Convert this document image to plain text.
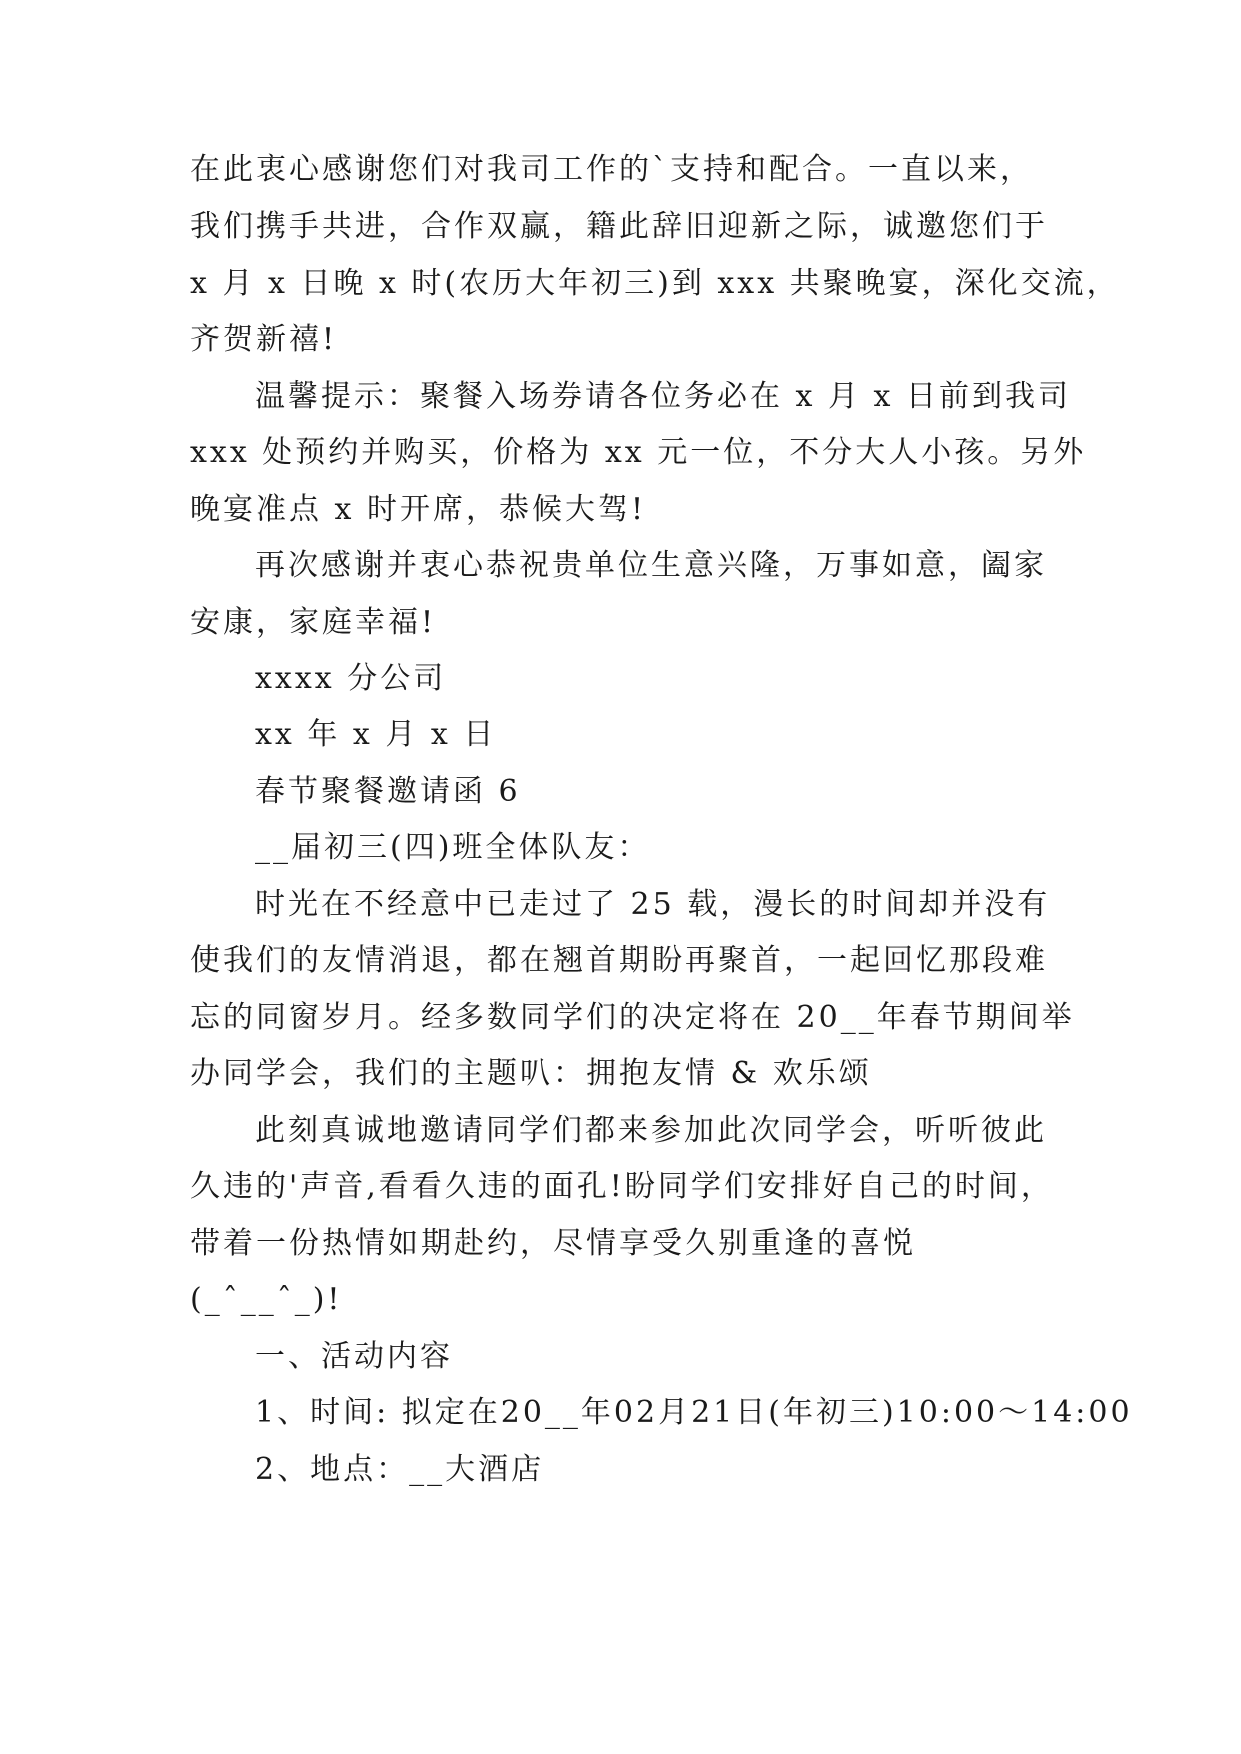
在此衷心感谢您们对我司工作的`支持和配合。一直以来，
我们携手共进，合作双赢，籍此辞旧迎新之际，诚邀您们于
x 月 x 日晚 x 时(农历大年初三)到 xxx 共聚晚宴，深化交流，
齐贺新禧!
温馨提示：聚餐入场券请各位务必在 x 月 x 日前到我司
xxx 处预约并购买，价格为 xx 元一位，不分大人小孩。另外
晚宴准点 x 时开席，恭候大驾!
再次感谢并衷心恭祝贵单位生意兴隆，万事如意，阖家
安康，家庭幸福!
xxxx 分公司
xx 年 x 月 x 日
春节聚餐邀请函 6
__届初三(四)班全体队友：
时光在不经意中已走过了 25 载，漫长的时间却并没有
使我们的友情消退，都在翘首期盼再聚首，一起回忆那段难
忘的同窗岁月。经多数同学们的决定将在 20__年春节期间举
办同学会，我们的主题叭：拥抱友情 & 欢乐颂
此刻真诚地邀请同学们都来参加此次同学会，听听彼此
久违的'声音,看看久违的面孔!盼同学们安排好自己的时间，
带着一份热情如期赴约，尽情享受久别重逢的喜悦
(_ˆ__ˆ_)!
一、活动内容
1、时间: 拟定在20__年02月21日(年初三)10:00～14:00
2、地点：__大酒店
